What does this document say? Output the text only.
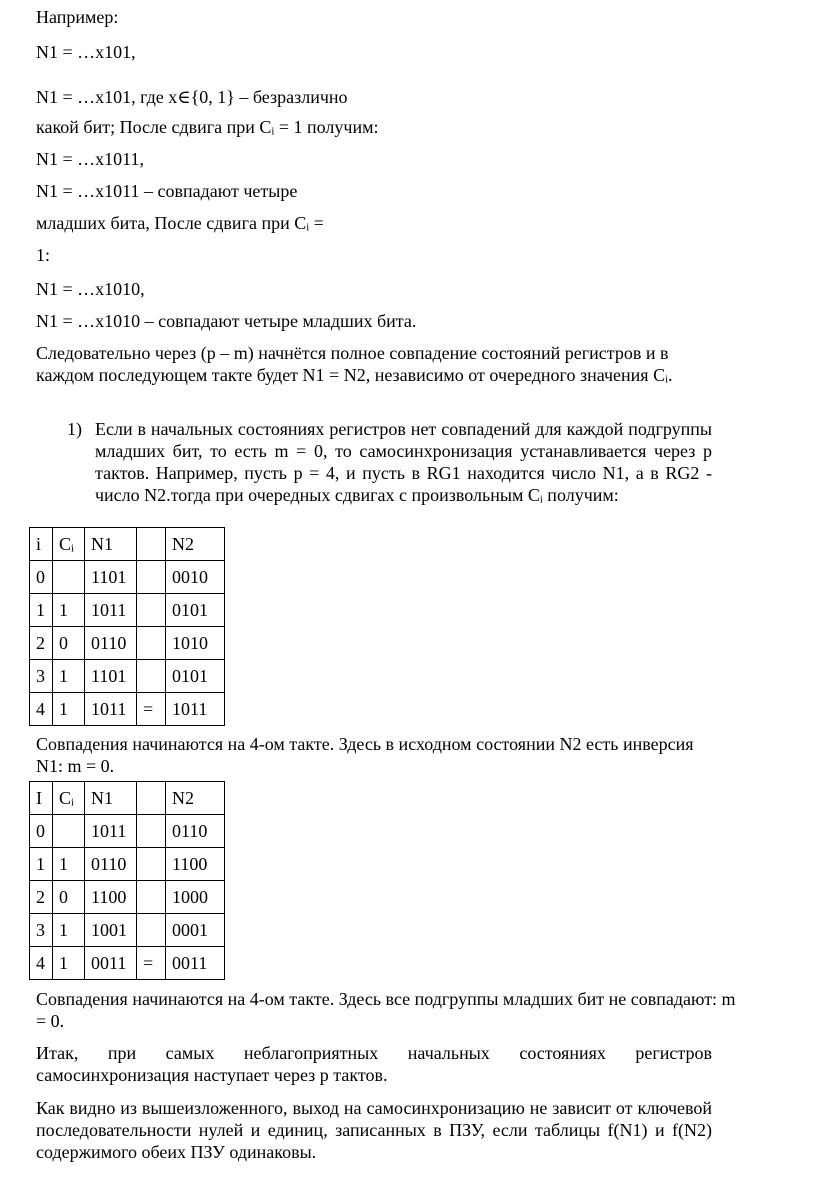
Например:
N1 = …x101,
N1 = …x101, где x∈{0, 1} – безразлично
какой бит; После сдвига при Cᵢ = 1 получим:
N1 = …x1011,
N1 = …x1011 – совпадают четыре
младших бита, После сдвига при Cᵢ =
1:
N1 = …x1010,
N1 = …x1010 – совпадают четыре младших бита.
Следовательно через (p – m) начнётся полное совпадение состояний регистров и в каждом последующем такте будет N1 = N2, независимо от очередного значения Cᵢ.
1) Если в начальных состояниях регистров нет совпадений для каждой подгруппы младших бит, то есть m = 0, то самосинхронизация устанавливается через p тактов. Например, пусть p = 4, и пусть в RG1 находится число N1, а в RG2 - число N2.тогда при очередных сдвигах с произвольным Cᵢ получим:
i	Cᵢ	N1		N2
0		1101		0010
1	1	1011		0101
2	0	0110		1010
3	1	1101		0101
4	1	1011	=	1011
Совпадения начинаются на 4-ом такте. Здесь в исходном состоянии N2 есть инверсия N1: m = 0.
I	Cᵢ	N1		N2
0		1011		0110
1	1	0110		1100
2	0	1100		1000
3	1	1001		0001
4	1	0011	=	0011
Совпадения начинаются на 4-ом такте. Здесь все подгруппы младших бит не совпадают: m
= 0.
Итак, при самых неблагоприятных начальных состояниях регистров самосинхронизация наступает через p тактов.
Как видно из вышеизложенного, выход на самосинхронизацию не зависит от ключевой последовательности нулей и единиц, записанных в ПЗУ, если таблицы f(N1) и f(N2) содержимого обеих ПЗУ одинаковы.
